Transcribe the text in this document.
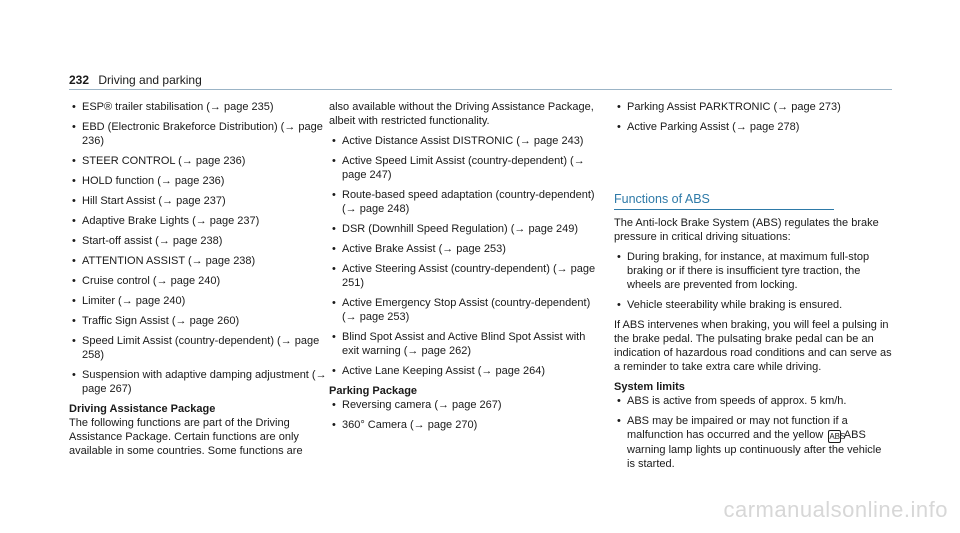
232 Driving and parking
• ESP® trailer stabilisation (→ page 235)
• EBD (Electronic Brakeforce Distribution) (→ page 236)
• STEER CONTROL (→ page 236)
• HOLD function (→ page 236)
• Hill Start Assist (→ page 237)
• Adaptive Brake Lights (→ page 237)
• Start-off assist (→ page 238)
• ATTENTION ASSIST (→ page 238)
• Cruise control (→ page 240)
• Limiter (→ page 240)
• Traffic Sign Assist (→ page 260)
• Speed Limit Assist (country-dependent) (→ page 258)
• Suspension with adaptive damping adjustment (→ page 267)
Driving Assistance Package

The following functions are part of the Driving Assistance Package. Certain functions are only available in some countries. Some functions are

also available without the Driving Assistance Package, albeit with restricted functionality.

• Active Distance Assist DISTRONIC (→ page 243)
• Active Speed Limit Assist (country-dependent) (→ page 247)
• Route-based speed adaptation (country-dependent) (→ page 248)
• DSR (Downhill Speed Regulation) (→ page 249)
• Active Brake Assist (→ page 253)
• Active Steering Assist (country-dependent) (→ page 251)
• Active Emergency Stop Assist (country-dependent) (→ page 253)
• Blind Spot Assist and Active Blind Spot Assist with exit warning (→ page 262)
• Active Lane Keeping Assist (→ page 264)
Parking Package
• Reversing camera (→ page 267)
• 360° Camera (→ page 270)
• Parking Assist PARKTRONIC (→ page 273)
• Active Parking Assist (→ page 278)
Functions of ABS

The Anti-lock Brake System (ABS) regulates the brake pressure in critical driving situations:

• During braking, for instance, at maximum full-stop braking or if there is insufficient tyre traction, the wheels are prevented from locking.
• Vehicle steerability while braking is ensured.

If ABS intervenes when braking, you will feel a pulsing in the brake pedal. The pulsating brake pedal can be an indication of hazardous road conditions and can serve as a reminder to take extra care while driving.

System limits
• ABS is active from speeds of approx. 5 km/h.
• ABS may be impaired or may not function if a malfunction has occurred and the yellow ABS ABS warning lamp lights up continuously after the vehicle is started.
carmanualsonline.info
